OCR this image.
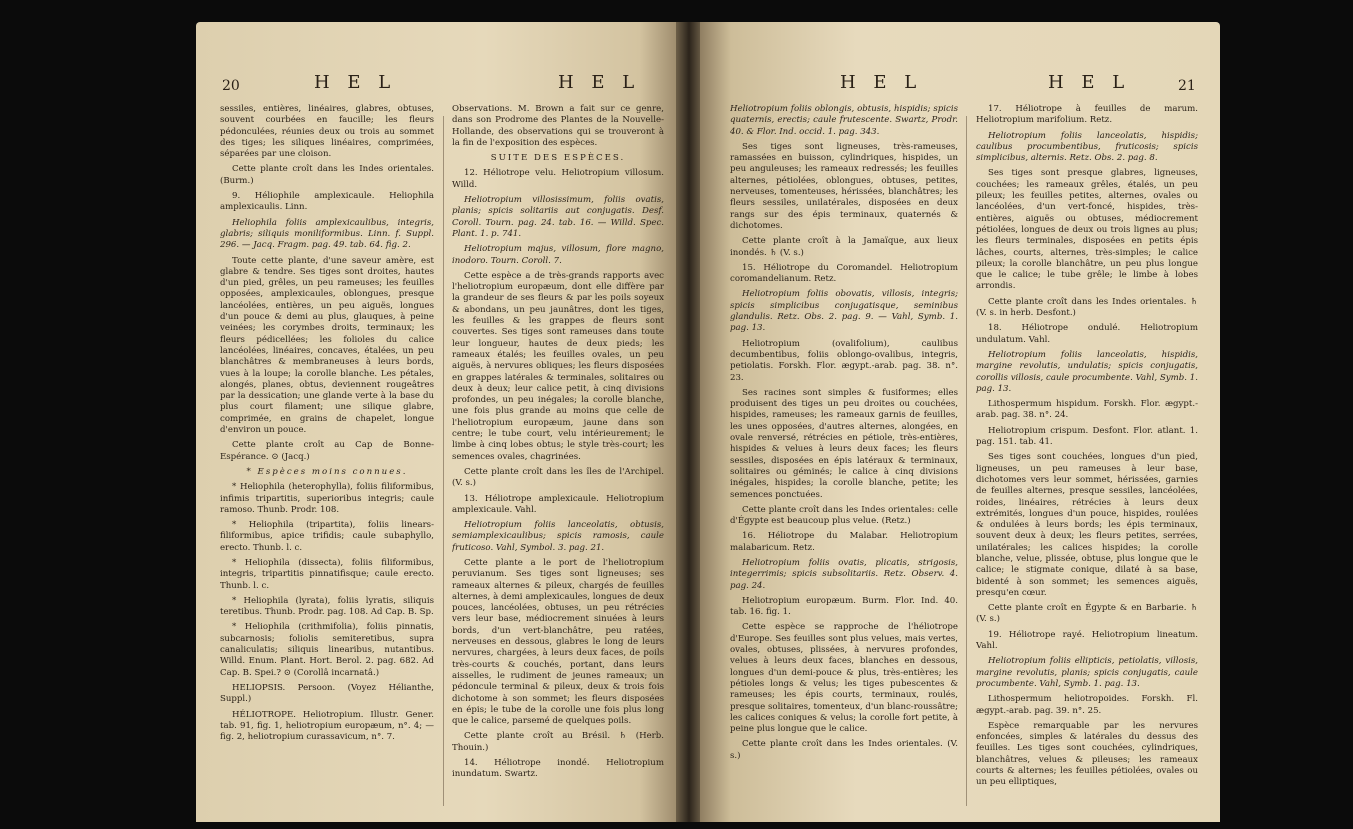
20	H E L	H E L

sessiles, entières, linéaires, glabres, obtuses, souvent courbées en faucille; les fleurs pédonculées, réunies deux ou trois au sommet des tiges; les siliques linéaires, comprimées, séparées par une cloison.

Cette plante croît dans les Indes orientales. (Burm.)

9. Héliophile amplexicaule. Heliophila amplexicaulis. Linn.

Heliophila foliis amplexicaulibus, integris, glabris; siliquis moniliformibus. Linn. f. Suppl. 296. — Jacq. Fragm. pag. 49. tab. 64. fig. 2.

Toute cette plante, d'une saveur amère, est glabre & tendre. Ses tiges sont droites, hautes d'un pied, grêles, un peu rameuses; les feuilles opposées, amplexicaules, oblongues, presque lancéolées, entières, un peu aiguës, longues d'un pouce & demi au plus, glauques, à peine veinées; les corymbes droits, terminaux; les fleurs pédicellées; les folioles du calice lancéolées, linéaires, concaves, étalées, un peu blanchâtres & membraneuses à leurs bords, vues à la loupe; la corolle blanche. Les pétales, alongés, planes, obtus, deviennent rougeâtres par la dessication; une glande verte à la base du plus court filament; une silique glabre, comprimée, en grains de chapelet, longue d'environ un pouce.

Cette plante croît au Cap de Bonne-Espérance. ⊙ (Jacq.)

* Espèces moins connues.

* Heliophila (heterophylla), foliis filiformibus, infimis tripartitis, superioribus integris; caule ramoso. Thunb. Prodr. 108.

* Heliophila (tripartita), foliis linears-filiformibus, apice trifidis; caule subaphyllo, erecto. Thunb. l. c.

* Heliophila (dissecta), foliis filiformibus, integris, tripartitis pinnatifisque; caule erecto. Thunb. l. c.

* Heliophila (lyrata), foliis lyratis, siliquis teretibus. Thunb. Prodr. pag. 108. Ad Cap. B. Sp.

* Heliophila (crithmifolia), foliis pinnatis, subcarnosis; foliolis semiteretibus, supra canaliculatis; siliquis linearibus, nutantibus. Willd. Enum. Plant. Hort. Berol. 2. pag. 682. Ad Cap. B. Spei.? ⊙ (Corollâ incarnatâ.)

HELIOPSIS. Persoon. (Voyez Hélianthe, Suppl.)

HÉLIOTROPE. Heliotropium. Illustr. Gener. tab. 91, fig. 1, heliotropium europæum, n°. 4; — fig. 2, heliotropium curassavicum, n°. 7.

Observations. M. Brown a fait sur ce genre, dans son Prodrome des Plantes de la Nouvelle-Hollande, des observations qui se trouveront à la fin de l'exposition des espèces.

SUITE DES ESPÈCES.

12. Héliotrope velu. Heliotropium villosum. Willd.

Heliotropium villosissimum, foliis ovatis, planis; spicis solitariis aut conjugatis. Desf. Coroll. Tourn. pag. 24. tab. 16. — Willd. Spec. Plant. 1. p. 741.

Heliotropium majus, villosum, flore magno, inodoro. Tourn. Coroll. 7.

Cette espèce a de très-grands rapports avec l'heliotropium europæum, dont elle diffère par la grandeur de ses fleurs & par les poils soyeux & abondans, un peu jaunâtres, dont les tiges, les feuilles & les grappes de fleurs sont couvertes. Ses tiges sont rameuses dans toute leur longueur, hautes de deux pieds; les rameaux étalés; les feuilles ovales, un peu aiguës, à nervures obliques; les fleurs disposées en grappes latérales & terminales, solitaires ou deux à deux; leur calice petit, à cinq divisions profondes, un peu inégales; la corolle blanche, une fois plus grande au moins que celle de l'heliotropium europæum, jaune dans son centre; le tube court, velu intérieurement; le limbe à cinq lobes obtus; le style très-court; les semences ovales, chagrinées.

Cette plante croît dans les îles de l'Archipel. (V. s.)

13. Héliotrope amplexicaule. Heliotropium amplexicaule. Vahl.

Heliotropium foliis lanceolatis, obtusis, semiamplexicaulibus; spicis ramosis, caule fruticoso. Vahl, Symbol. 3. pag. 21.

Cette plante a le port de l'heliotropium peruvianum. Ses tiges sont ligneuses; ses rameaux alternes & pileux, chargés de feuilles alternes, à demi amplexicaules, longues de deux pouces, lancéolées, obtuses, un peu rétrécies vers leur base, médiocrement sinuées à leurs bords, d'un vert-blanchâtre, peu ratées, nerveuses en dessous, glabres le long de leurs nervures, chargées, à leurs deux faces, de poils très-courts & couchés, portant, dans leurs aisselles, le rudiment de jeunes rameaux; un pédoncule terminal & pileux, deux & trois fois dichotome à son sommet; les fleurs disposées en épis; le tube de la corolle une fois plus long que le calice, parsemé de quelques poils.

Cette plante croît au Brésil. ♄ (Herb. Thouin.)

14. Héliotrope inondé. Heliotropium inundatum. Swartz.

H E L	H E L	21

Heliotropium foliis oblongis, obtusis, hispidis; spicis quaternis, erectis; caule frutescente. Swartz, Prodr. 40. & Flor. Ind. occid. 1. pag. 343.

Ses tiges sont ligneuses, très-rameuses, ramassées en buisson, cylindriques, hispides, un peu anguleuses; les rameaux redressés; les feuilles alternes, pétiolées, oblongues, obtuses, petites, nerveuses, tomenteuses, hérissées, blanchâtres; les fleurs sessiles, unilatérales, disposées en deux rangs sur des épis terminaux, quaternés & dichotomes.

Cette plante croît à la Jamaïque, aux lieux inondés. ♄ (V. s.)

15. Héliotrope du Coromandel. Heliotropium coromandelianum. Retz.

Heliotropium foliis obovatis, villosis, integris; spicis simplicibus conjugatisque, seminibus glandulis. Retz. Obs. 2. pag. 9. — Vahl, Symb. 1. pag. 13.

Heliotropium (ovalifolium), caulibus decumbentibus, foliis oblongo-ovalibus, integris, petiolatis. Forskh. Flor. ægypt.-arab. pag. 38. n°. 23.

Ses racines sont simples & fusiformes; elles produisent des tiges un peu droites ou couchées, hispides, rameuses; les rameaux garnis de feuilles, les unes opposées, d'autres alternes, alongées, en ovale renversé, rétrécies en pétiole, très-entières, hispides & velues à leurs deux faces; les fleurs sessiles, disposées en épis latéraux & terminaux, solitaires ou géminés; le calice à cinq divisions inégales, hispides; la corolle blanche, petite; les semences ponctuées.

Cette plante croît dans les Indes orientales: celle d'Égypte est beaucoup plus velue. (Retz.)

16. Héliotrope du Malabar. Heliotropium malabaricum. Retz.

Heliotropium foliis ovatis, plicatis, strigosis, integerrimis; spicis subsolitariis. Retz. Observ. 4. pag. 24.

Heliotropium europæum. Burm. Flor. Ind. 40. tab. 16. fig. 1.

Cette espèce se rapproche de l'héliotrope d'Europe. Ses feuilles sont plus velues, mais vertes, ovales, obtuses, plissées, à nervures profondes, velues à leurs deux faces, blanches en dessous, longues d'un demi-pouce & plus, très-entières; les pétioles longs & velus; les tiges pubescentes & rameuses; les épis courts, terminaux, roulés, presque solitaires, tomenteux, d'un blanc-roussâtre; les calices coniques & velus; la corolle fort petite, à peine plus longue que le calice.

Cette plante croît dans les Indes orientales. (V. s.)

17. Héliotrope à feuilles de marum. Heliotropium marifolium. Retz.

Heliotropium foliis lanceolatis, hispidis; caulibus procumbentibus, fruticosis; spicis simplicibus, alternis. Retz. Obs. 2. pag. 8.

Ses tiges sont presque glabres, ligneuses, couchées; les rameaux grêles, étalés, un peu pileux; les feuilles petites, alternes, ovales ou lancéolées, d'un vert-foncé, hispides, très-entières, aiguës ou obtuses, médiocrement pétiolées, longues de deux ou trois lignes au plus; les fleurs terminales, disposées en petits épis lâches, courts, alternes, très-simples; le calice pileux; la corolle blanchâtre, un peu plus longue que le calice; le tube grêle; le limbe à lobes arrondis.

Cette plante croît dans les Indes orientales. ♄ (V. s. in herb. Desfont.)

18. Héliotrope ondulé. Heliotropium undulatum. Vahl.

Heliotropium foliis lanceolatis, hispidis, margine revolutis, undulatis; spicis conjugatis, corollis villosis, caule procumbente. Vahl, Symb. 1. pag. 13.

Lithospermum hispidum. Forskh. Flor. ægypt.-arab. pag. 38. n°. 24.

Heliotropium crispum. Desfont. Flor. atlant. 1. pag. 151. tab. 41.

Ses tiges sont couchées, longues d'un pied, ligneuses, un peu rameuses à leur base, dichotomes vers leur sommet, hérissées, garnies de feuilles alternes, presque sessiles, lancéolées, roides, linéaires, rétrécies à leurs deux extrémités, longues d'un pouce, hispides, roulées & ondulées à leurs bords; les épis terminaux, souvent deux à deux; les fleurs petites, serrées, unilatérales; les calices hispides; la corolle blanche, velue, plissée, obtuse, plus longue que le calice; le stigmate conique, dilaté à sa base, bidenté à son sommet; les semences aiguës, presqu'en cœur.

Cette plante croît en Égypte & en Barbarie. ♄ (V. s.)

19. Héliotrope rayé. Heliotropium lineatum. Vahl.

Heliotropium foliis ellipticis, petiolatis, villosis, margine revolutis, planis; spicis conjugatis, caule procumbente. Vahl, Symb. 1. pag. 13.

Lithospermum heliotropoides. Forskh. Fl. ægypt.-arab. pag. 39. n°. 25.

Espèce remarquable par les nervures enfoncées, simples & latérales du dessus des feuilles. Les tiges sont couchées, cylindriques, blanchâtres, velues & pileuses; les rameaux courts & alternes; les feuilles pétiolées, ovales ou un peu elliptiques,
